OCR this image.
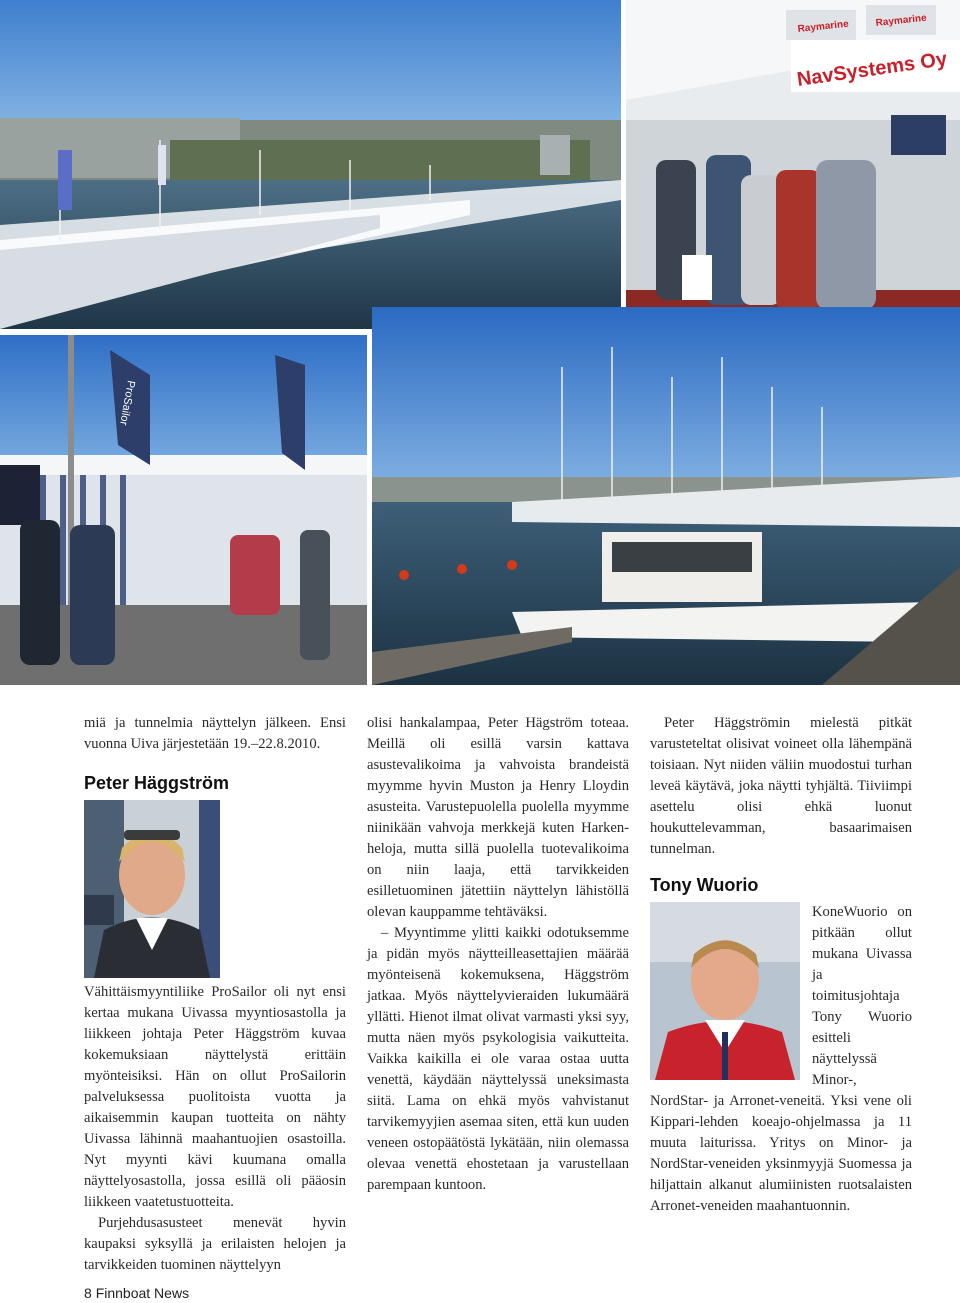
Raymarine	Raymarine
NavSystems Oy
ProSailor

miä ja tunnelmia näyttelyn jälkeen. Ensi vuonna Uiva järjestetään 19.–22.8.2010.

Peter Häggström

Vähittäismyyntiliike ProSailor oli nyt ensi kertaa mukana Uivassa myyntiosastolla ja liikkeen johtaja Peter Häggström kuvaa kokemuksiaan näyttelystä erittäin myönteisiksi. Hän on ollut ProSailorin palveluksessa puolitoista vuotta ja aikaisemmin kaupan tuotteita on nähty Uivassa lähinnä maahantuojien osastoilla. Nyt myynti kävi kuumana omalla näyttelyosastolla, jossa esillä oli pääosin liikkeen vaatetustuotteita.

Purjehdusasusteet menevät hyvin kaupaksi syksyllä ja erilaisten helojen ja tarvikkeiden tuominen näyttelyyn

olisi hankalampaa, Peter Hägström toteaa. Meillä oli esillä varsin kattava asustevalikoima ja vahvoista brandeistä myymme hyvin Muston ja Henry Lloydin asusteita. Varustepuolella puolella myymme niinikään vahvoja merkkejä kuten Harken-heloja, mutta sillä puolella tuotevalikoima on niin laaja, että tarvikkeiden esilletuominen jätettiin näyttelyn lähistöllä olevan kauppamme tehtäväksi.

– Myyntimme ylitti kaikki odotuksemme ja pidän myös näytteilleasettajien määrää myönteisenä kokemuksena, Häggström jatkaa. Myös näyttelyvieraiden lukumäärä yllätti. Hienot ilmat olivat varmasti yksi syy, mutta näen myös psykologisia vaikutteita. Vaikka kaikilla ei ole varaa ostaa uutta venettä, käydään näyttelyssä uneksimasta siitä. Lama on ehkä myös vahvistanut tarvikemyyjien asemaa siten, että kun uuden veneen ostopäätöstä lykätään, niin olemassa olevaa venettä ehostetaan ja varustellaan parempaan kuntoon.

Peter Häggströmin mielestä pitkät varusteteltat olisivat voineet olla lähempänä toisiaan. Nyt niiden väliin muodostui turhan leveä käytävä, joka näytti tyhjältä. Tiiviimpi asettelu olisi ehkä luonut houkuttelevamman, basaarimaisen tunnelman.

Tony Wuorio

KoneWuorio on pitkään ollut mukana Uivassa ja toimitusjohtaja Tony Wuorio esitteli näyttelyssä Minor-, NordStar- ja Arronet-veneitä. Yksi vene oli Kippari-lehden koeajo-ohjelmassa ja 11 muuta laiturissa. Yritys on Minor- ja NordStar-veneiden yksinmyyjä Suomessa ja hiljattain alkanut alumiinisten ruotsalaisten Arronet-veneiden maahantuonnin.

8 Finnboat News
